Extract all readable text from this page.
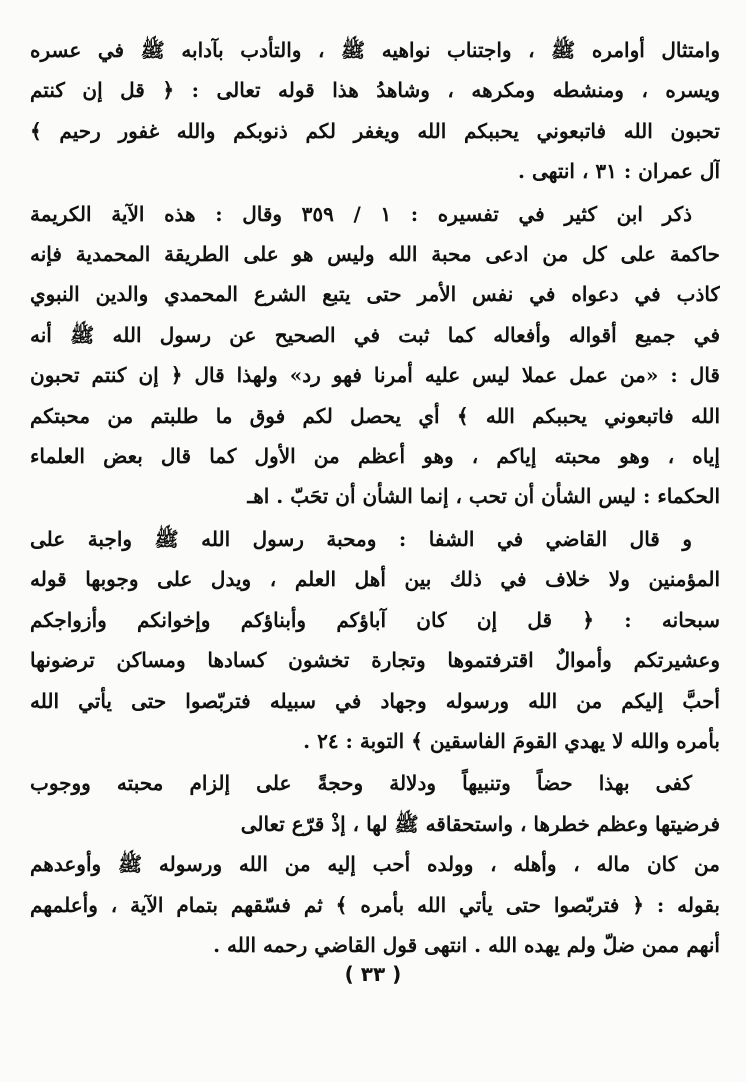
وامتثال أوامره ﷺ ، واجتناب نواهيه ﷺ ، والتأدب بآدابه ﷺ في عسره

ويسره ، ومنشطه ومكرهه ، وشاهدُ هذا قوله تعالى : ﴿ قل إن كنتم

تحبون الله فاتبعوني يحببكم الله ويغفر لكم ذنوبكم والله غفور رحيم ﴾

آل عمران : ٣١ ، انتهى .

ذكر ابن كثير في تفسيره : ١ / ٣٥٩ وقال : هذه الآية الكريمة

حاكمة على كل من ادعى محبة الله وليس هو على الطريقة المحمدية فإنه

كاذب في دعواه في نفس الأمر حتى يتبع الشرع المحمدي والدين النبوي

في جميع أقواله وأفعاله كما ثبت في الصحيح عن رسول الله ﷺ أنه

قال : «من عمل عملا ليس عليه أمرنا فهو رد» ولهذا قال ﴿ إن كنتم تحبون

الله فاتبعوني يحببكم الله ﴾ أي يحصل لكم فوق ما طلبتم من محبتكم

إياه ، وهو محبته إياكم ، وهو أعظم من الأول كما قال بعض العلماء

الحكماء : ليس الشأن أن تحب ، إنما الشأن أن تحَبّ . اهـ

و قال القاضي في الشفا : ومحبة رسول الله ﷺ واجبة على

المؤمنين ولا خلاف في ذلك بين أهل العلم ، ويدل على وجوبها قوله

سبحانه : ﴿ قل إن كان آباؤكم وأبناؤكم وإخوانكم وأزواجكم

وعشيرتكم وأموالٌ اقترفتموها وتجارة تخشون كسادها ومساكن ترضونها

أحبَّ إليكم من الله ورسوله وجهاد في سبيله فتربّصوا حتى يأتي الله

بأمره والله لا يهدي القومَ الفاسقين ﴾ التوبة : ٢٤ .

كفى بهذا حضاً وتنبيهاً ودلالة وحجةً على إلزام محبته ووجوب

فرضيتها وعظم خطرها ، واستحقاقه ﷺ لها ، إذْ قرّع تعالى

من كان ماله ، وأهله ، وولده أحب إليه من الله ورسوله ﷺ وأوعدهم

بقوله : ﴿ فتربّصوا حتى يأتي الله بأمره ﴾ ثم فسّقهم بتمام الآية ، وأعلمهم

أنهم ممن ضلّ ولم يهده الله . انتهى قول القاضي رحمه الله .

( ٣٣ )
